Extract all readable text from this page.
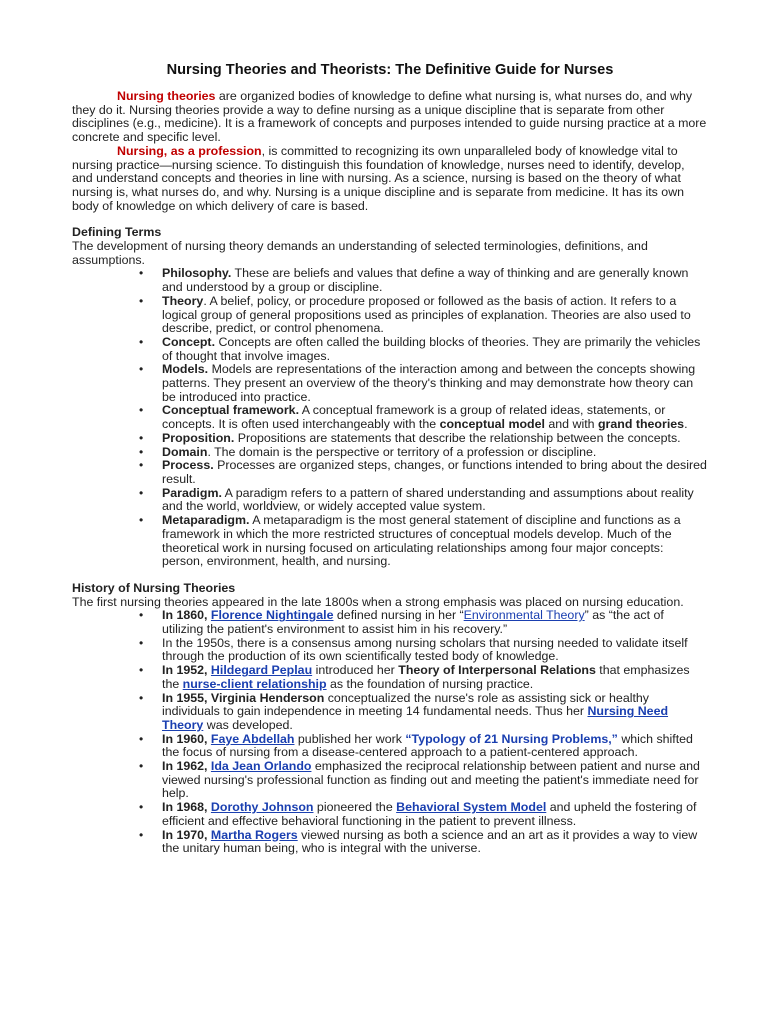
Nursing Theories and Theorists: The Definitive Guide for Nurses

Nursing theories are organized bodies of knowledge to define what nursing is, what nurses do, and why they do it. Nursing theories provide a way to define nursing as a unique discipline that is separate from other disciplines (e.g., medicine). It is a framework of concepts and purposes intended to guide nursing practice at a more concrete and specific level.

Nursing, as a profession, is committed to recognizing its own unparalleled body of knowledge vital to nursing practice—nursing science. To distinguish this foundation of knowledge, nurses need to identify, develop, and understand concepts and theories in line with nursing. As a science, nursing is based on the theory of what nursing is, what nurses do, and why. Nursing is a unique discipline and is separate from medicine. It has its own body of knowledge on which delivery of care is based.

Defining Terms

The development of nursing theory demands an understanding of selected terminologies, definitions, and assumptions.

• Philosophy. These are beliefs and values that define a way of thinking and are generally known and understood by a group or discipline.
• Theory. A belief, policy, or procedure proposed or followed as the basis of action. It refers to a logical group of general propositions used as principles of explanation. Theories are also used to describe, predict, or control phenomena.
• Concept. Concepts are often called the building blocks of theories. They are primarily the vehicles of thought that involve images.
• Models. Models are representations of the interaction among and between the concepts showing patterns. They present an overview of the theory's thinking and may demonstrate how theory can be introduced into practice.
• Conceptual framework. A conceptual framework is a group of related ideas, statements, or concepts. It is often used interchangeably with the conceptual model and with grand theories.
• Proposition. Propositions are statements that describe the relationship between the concepts.
• Domain. The domain is the perspective or territory of a profession or discipline.
• Process. Processes are organized steps, changes, or functions intended to bring about the desired result.
• Paradigm. A paradigm refers to a pattern of shared understanding and assumptions about reality and the world, worldview, or widely accepted value system.
• Metaparadigm. A metaparadigm is the most general statement of discipline and functions as a framework in which the more restricted structures of conceptual models develop. Much of the theoretical work in nursing focused on articulating relationships among four major concepts: person, environment, health, and nursing.
History of Nursing Theories

The first nursing theories appeared in the late 1800s when a strong emphasis was placed on nursing education.

• In 1860, Florence Nightingale defined nursing in her “Environmental Theory” as “the act of utilizing the patient's environment to assist him in his recovery.”
• In the 1950s, there is a consensus among nursing scholars that nursing needed to validate itself through the production of its own scientifically tested body of knowledge.
• In 1952, Hildegard Peplau introduced her Theory of Interpersonal Relations that emphasizes the nurse-client relationship as the foundation of nursing practice.
• In 1955, Virginia Henderson conceptualized the nurse's role as assisting sick or healthy individuals to gain independence in meeting 14 fundamental needs. Thus her Nursing Need Theory was developed.
• In 1960, Faye Abdellah published her work “Typology of 21 Nursing Problems,” which shifted the focus of nursing from a disease-centered approach to a patient-centered approach.
• In 1962, Ida Jean Orlando emphasized the reciprocal relationship between patient and nurse and viewed nursing's professional function as finding out and meeting the patient's immediate need for help.
• In 1968, Dorothy Johnson pioneered the Behavioral System Model and upheld the fostering of efficient and effective behavioral functioning in the patient to prevent illness.
• In 1970, Martha Rogers viewed nursing as both a science and an art as it provides a way to view the unitary human being, who is integral with the universe.
